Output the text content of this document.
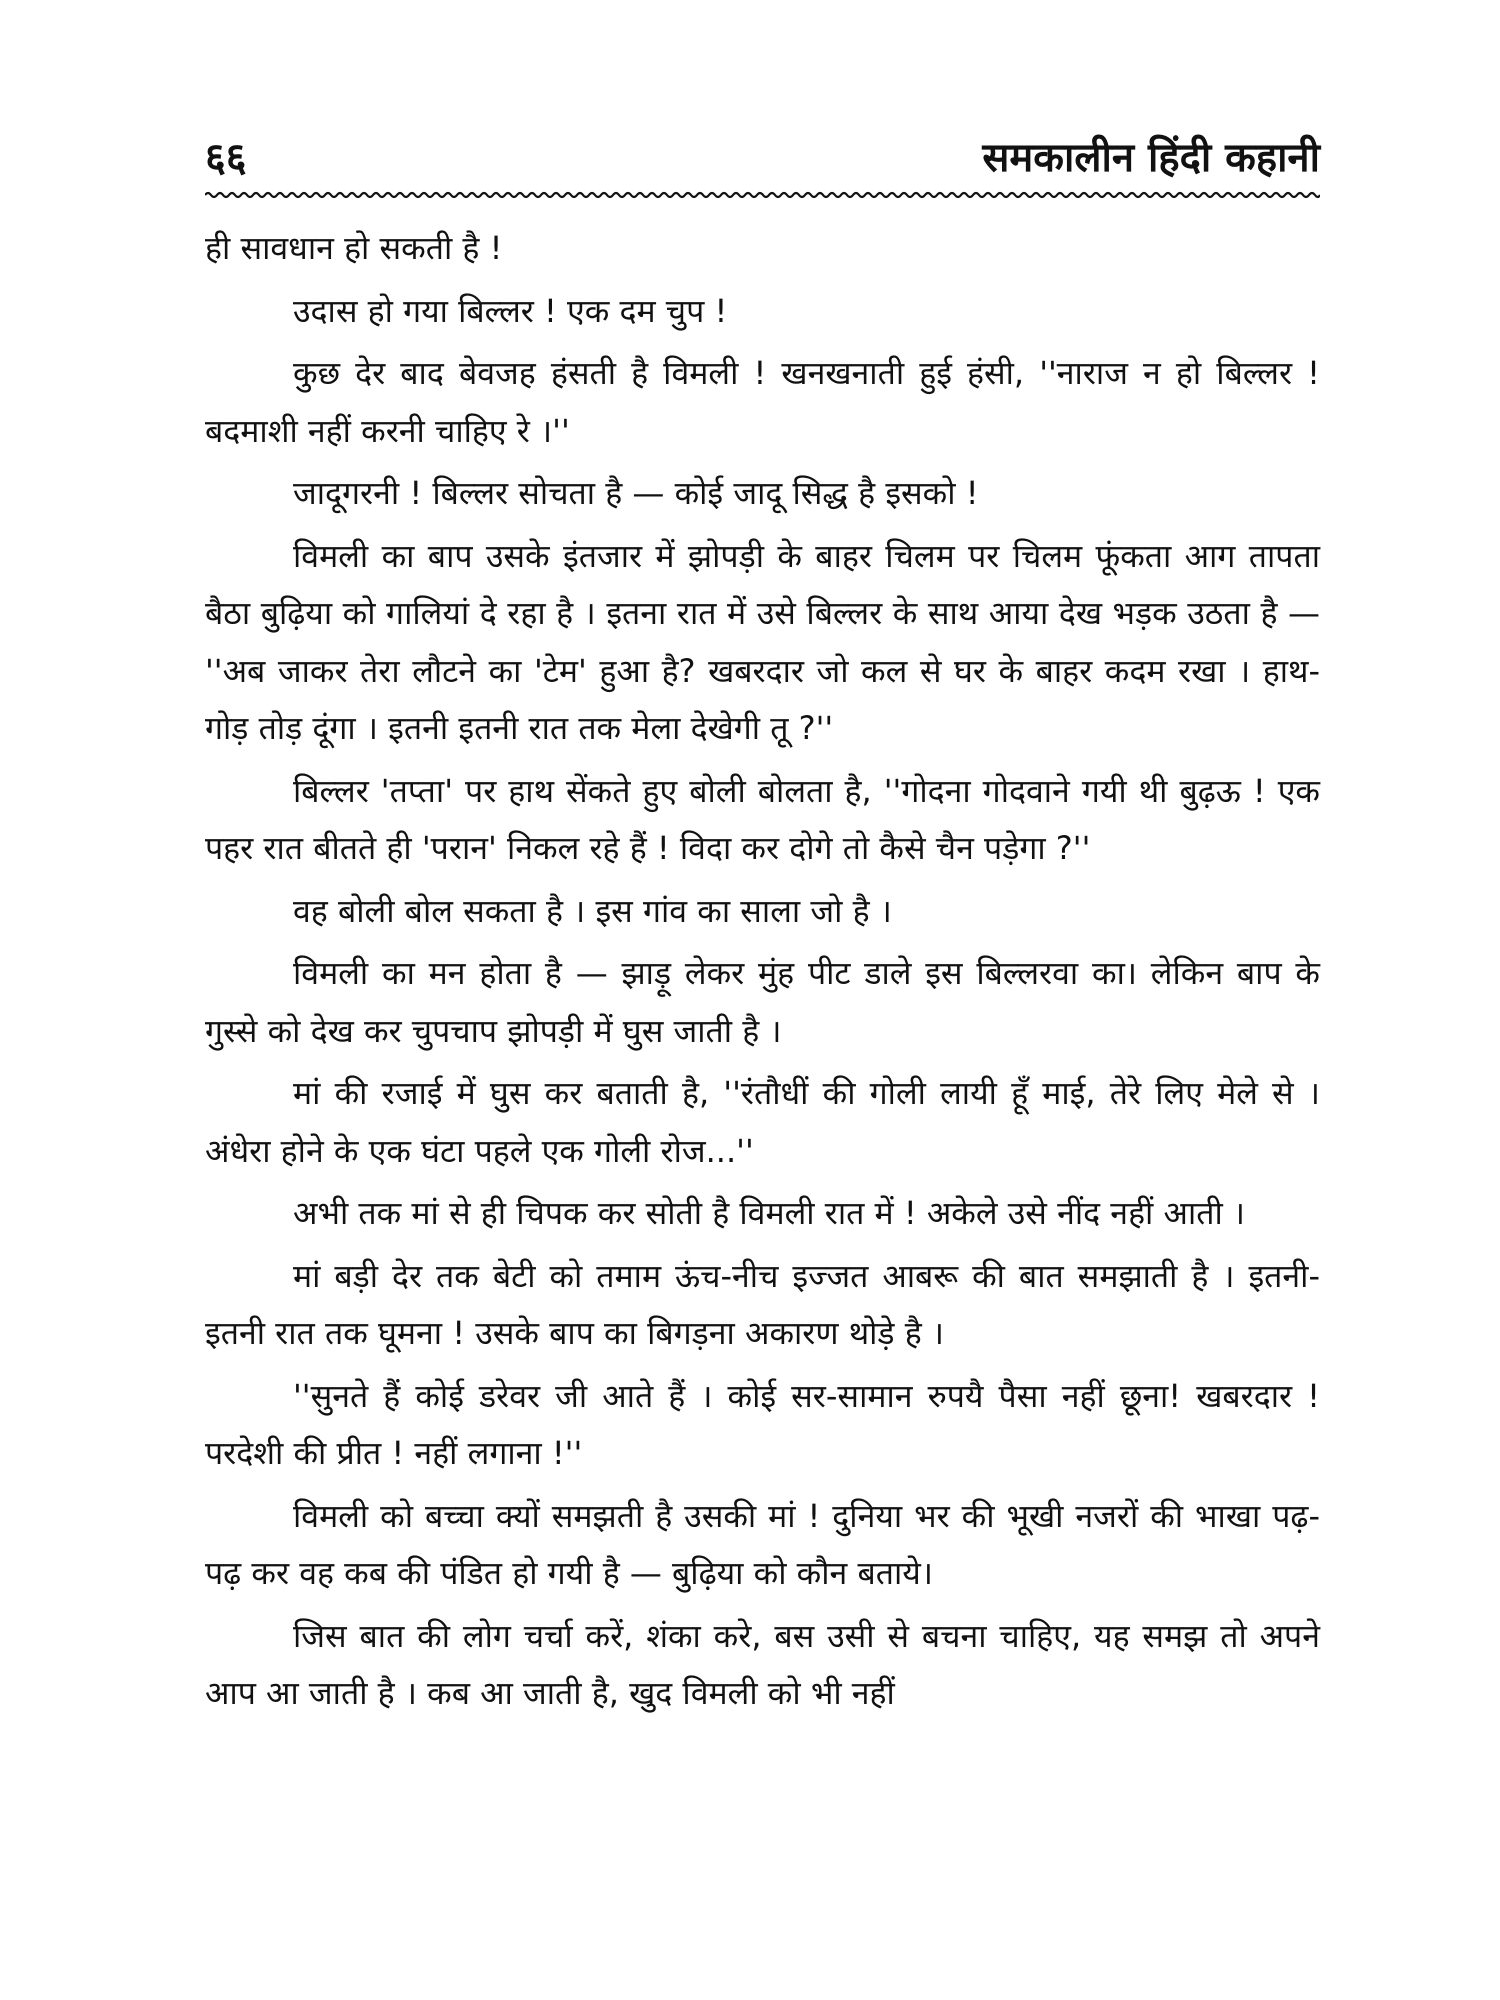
६६	समकालीन हिंदी कहानी

ही सावधान हो सकती है !

उदास हो गया बिल्लर ! एक दम चुप !

कुछ देर बाद बेवजह हंसती है विमली ! खनखनाती हुई हंसी, ''नाराज न हो बिल्लर ! बदमाशी नहीं करनी चाहिए रे ।''

जादूगरनी ! बिल्लर सोचता है — कोई जादू सिद्ध है इसको !

विमली का बाप उसके इंतजार में झोपड़ी के बाहर चिलम पर चिलम फूंकता आग तापता बैठा बुढ़िया को गालियां दे रहा है । इतना रात में उसे बिल्लर के साथ आया देख भड़क उठता है — ''अब जाकर तेरा लौटने का 'टेम' हुआ है? खबरदार जो कल से घर के बाहर कदम रखा । हाथ-गोड़ तोड़ दूंगा । इतनी इतनी रात तक मेला देखेगी तू ?''

बिल्लर 'तप्ता' पर हाथ सेंकते हुए बोली बोलता है, ''गोदना गोदवाने गयी थी बुढ़ऊ ! एक पहर रात बीतते ही 'परान' निकल रहे हैं ! विदा कर दोगे तो कैसे चैन पड़ेगा ?''

वह बोली बोल सकता है । इस गांव का साला जो है ।

विमली का मन होता है — झाड़ू लेकर मुंह पीट डाले इस बिल्लरवा का। लेकिन बाप के गुस्से को देख कर चुपचाप झोपड़ी में घुस जाती है ।

मां की रजाई में घुस कर बताती है, ''रंतौधीं की गोली लायी हूँ माई, तेरे लिए मेले से । अंधेरा होने के एक घंटा पहले एक गोली रोज...''

अभी तक मां से ही चिपक कर सोती है विमली रात में ! अकेले उसे नींद नहीं आती ।

मां बड़ी देर तक बेटी को तमाम ऊंच-नीच इज्जत आबरू की बात समझाती है । इतनी-इतनी रात तक घूमना ! उसके बाप का बिगड़ना अकारण थोड़े है ।

''सुनते हैं कोई डरेवर जी आते हैं । कोई सर-सामान रुपयै पैसा नहीं छूना! खबरदार ! परदेशी की प्रीत ! नहीं लगाना !''

विमली को बच्चा क्यों समझती है उसकी मां ! दुनिया भर की भूखी नजरों की भाखा पढ़-पढ़ कर वह कब की पंडित हो गयी है — बुढ़िया को कौन बताये।

जिस बात की लोग चर्चा करें, शंका करे, बस उसी से बचना चाहिए, यह समझ तो अपने आप आ जाती है । कब आ जाती है, खुद विमली को भी नहीं
